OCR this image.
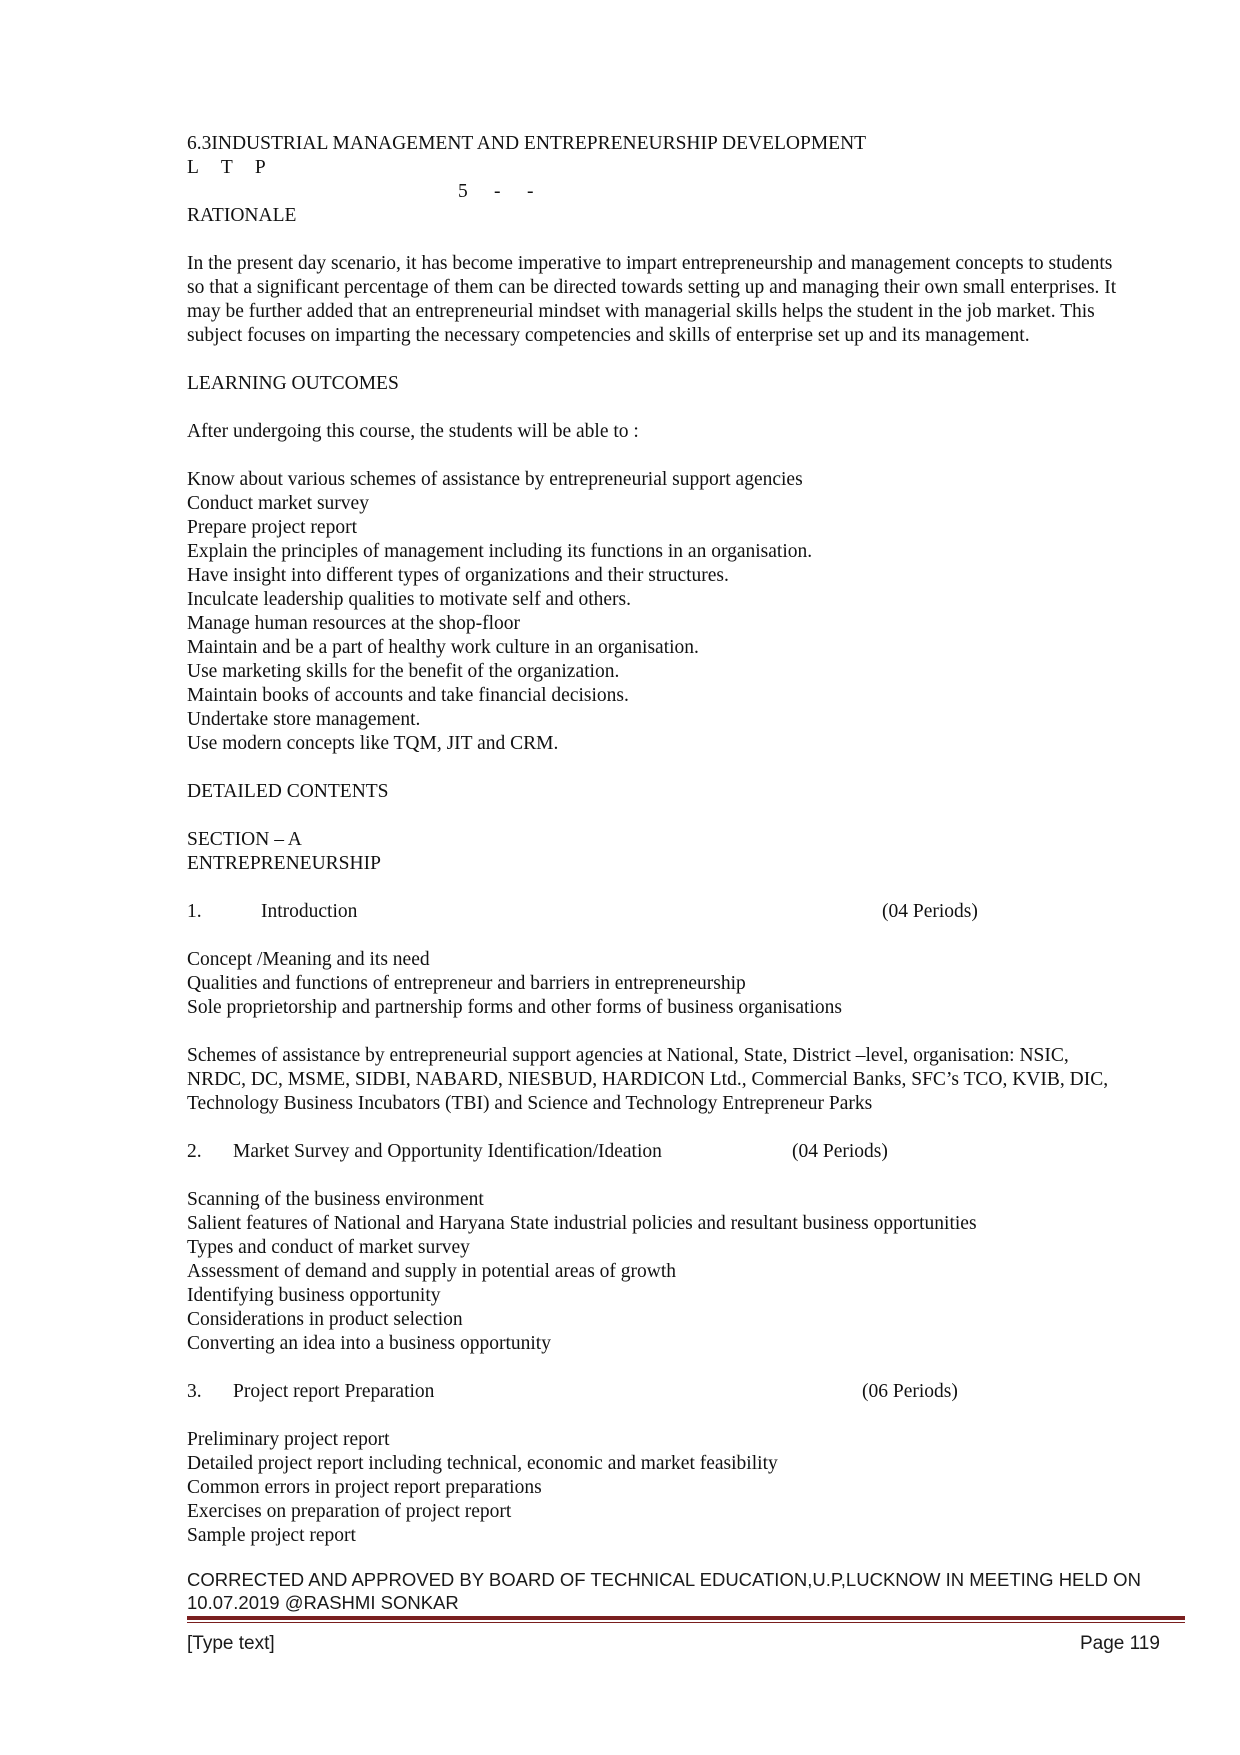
6.3INDUSTRIAL MANAGEMENT AND ENTREPRENEURSHIP DEVELOPMENT
L T P
5 - -
RATIONALE
In the present day scenario, it has become imperative to impart entrepreneurship and management concepts to students
so that a significant percentage of them can be directed towards setting up and managing their own small enterprises. It
may be further added that an entrepreneurial mindset with managerial skills helps the student in the job market. This
subject focuses on imparting the necessary competencies and skills of enterprise set up and its management.
LEARNING OUTCOMES
After undergoing this course, the students will be able to :
Know about various schemes of assistance by entrepreneurial support agencies
Conduct market survey
Prepare project report
Explain the principles of management including its functions in an organisation.
Have insight into different types of organizations and their structures.
Inculcate leadership qualities to motivate self and others.
Manage human resources at the shop-floor
Maintain and be a part of healthy work culture in an organisation.
Use marketing skills for the benefit of the organization.
Maintain books of accounts and take financial decisions.
Undertake store management.
Use modern concepts like TQM, JIT and CRM.
DETAILED CONTENTS
SECTION – A
ENTREPRENEURSHIP
1.	Introduction	(04 Periods)
Concept /Meaning and its need
Qualities and functions of entrepreneur and barriers in entrepreneurship
Sole proprietorship and partnership forms and other forms of business organisations
Schemes of assistance by entrepreneurial support agencies at National, State, District –level, organisation: NSIC,
NRDC, DC, MSME, SIDBI, NABARD, NIESBUD, HARDICON Ltd., Commercial Banks, SFC’s TCO, KVIB, DIC,
Technology Business Incubators (TBI) and Science and Technology Entrepreneur Parks
2. Market Survey and Opportunity Identification/Ideation	(04 Periods)
Scanning of the business environment
Salient features of National and Haryana State industrial policies and resultant business opportunities
Types and conduct of market survey
Assessment of demand and supply in potential areas of growth
Identifying business opportunity
Considerations in product selection
Converting an idea into a business opportunity
3. Project report Preparation	(06 Periods)
Preliminary project report
Detailed project report including technical, economic and market feasibility
Common errors in project report preparations
Exercises on preparation of project report
Sample project report
CORRECTED AND APPROVED BY BOARD OF TECHNICAL EDUCATION,U.P,LUCKNOW IN MEETING HELD ON
10.07.2019 @RASHMI SONKAR
[Type text]	Page 119
